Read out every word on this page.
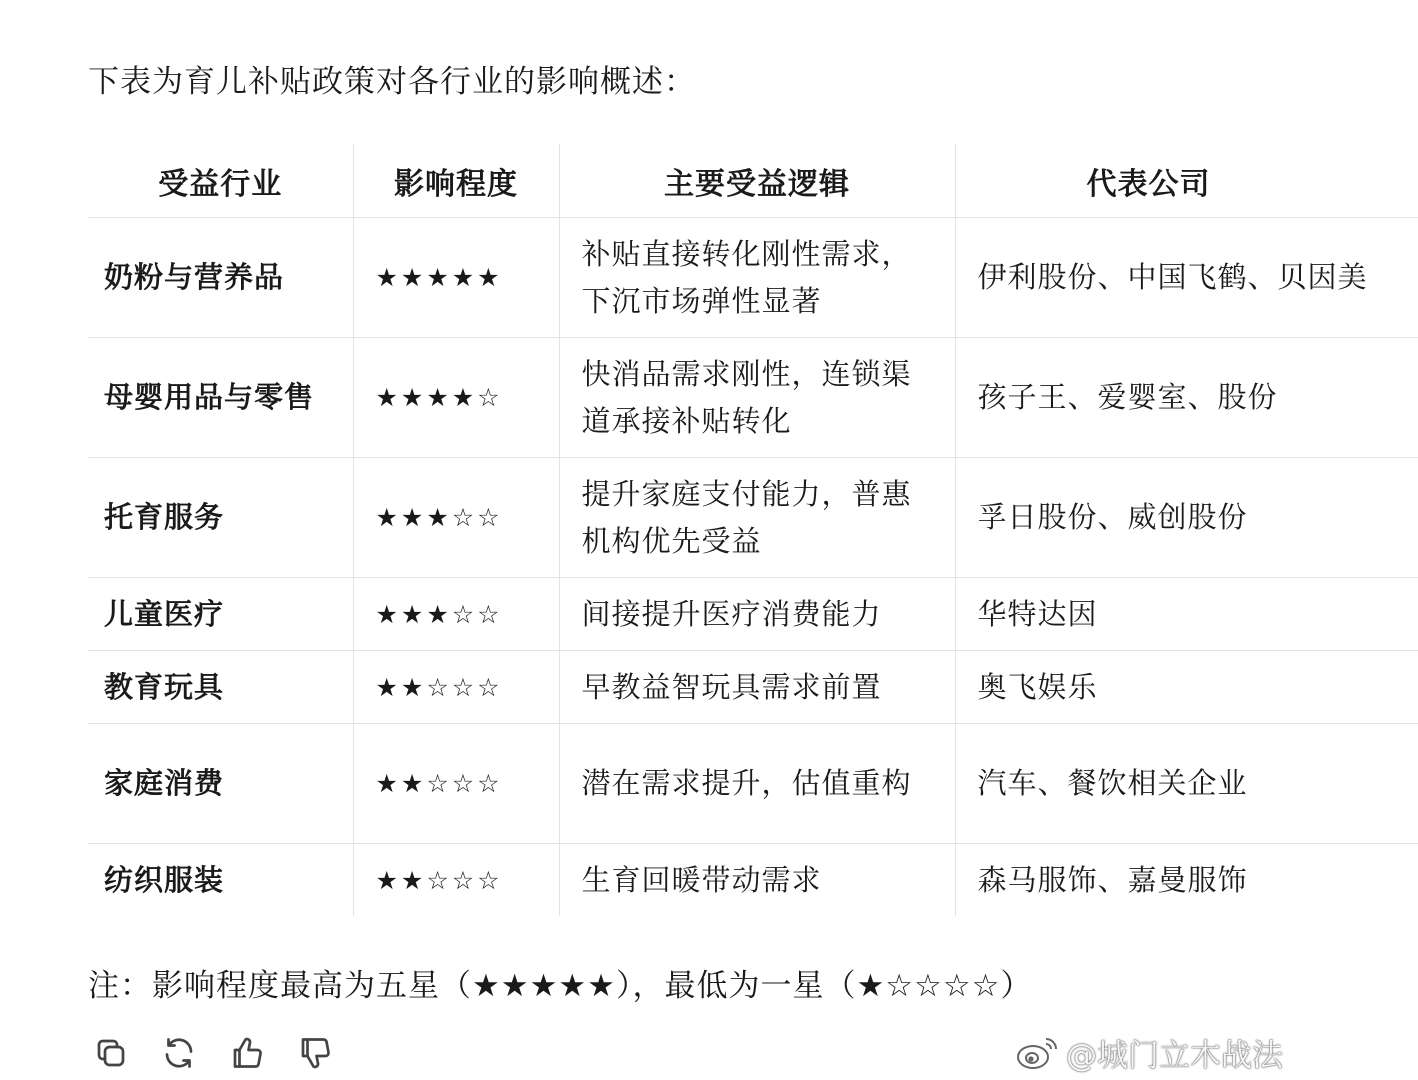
下表为育儿补贴政策对各行业的影响概述：
受益行业	影响程度	主要受益逻辑	代表公司
奶粉与营养品	★★★★★	补贴直接转化刚性需求，下沉市场弹性显著	伊利股份、中国飞鹤、贝因美
母婴用品与零售	★★★★☆	快消品需求刚性，连锁渠道承接补贴转化	孩子王、爱婴室、股份
托育服务	★★★☆☆	提升家庭支付能力，普惠机构优先受益	孚日股份、威创股份
儿童医疗	★★★☆☆	间接提升医疗消费能力	华特达因
教育玩具	★★☆☆☆	早教益智玩具需求前置	奥飞娱乐
家庭消费	★★☆☆☆	潜在需求提升，估值重构	汽车、餐饮相关企业
纺织服装	★★☆☆☆	生育回暖带动需求	森马服饰、嘉曼服饰
注：影响程度最高为五星（★★★★★），最低为一星（★☆☆☆☆）
@城门立木战法
